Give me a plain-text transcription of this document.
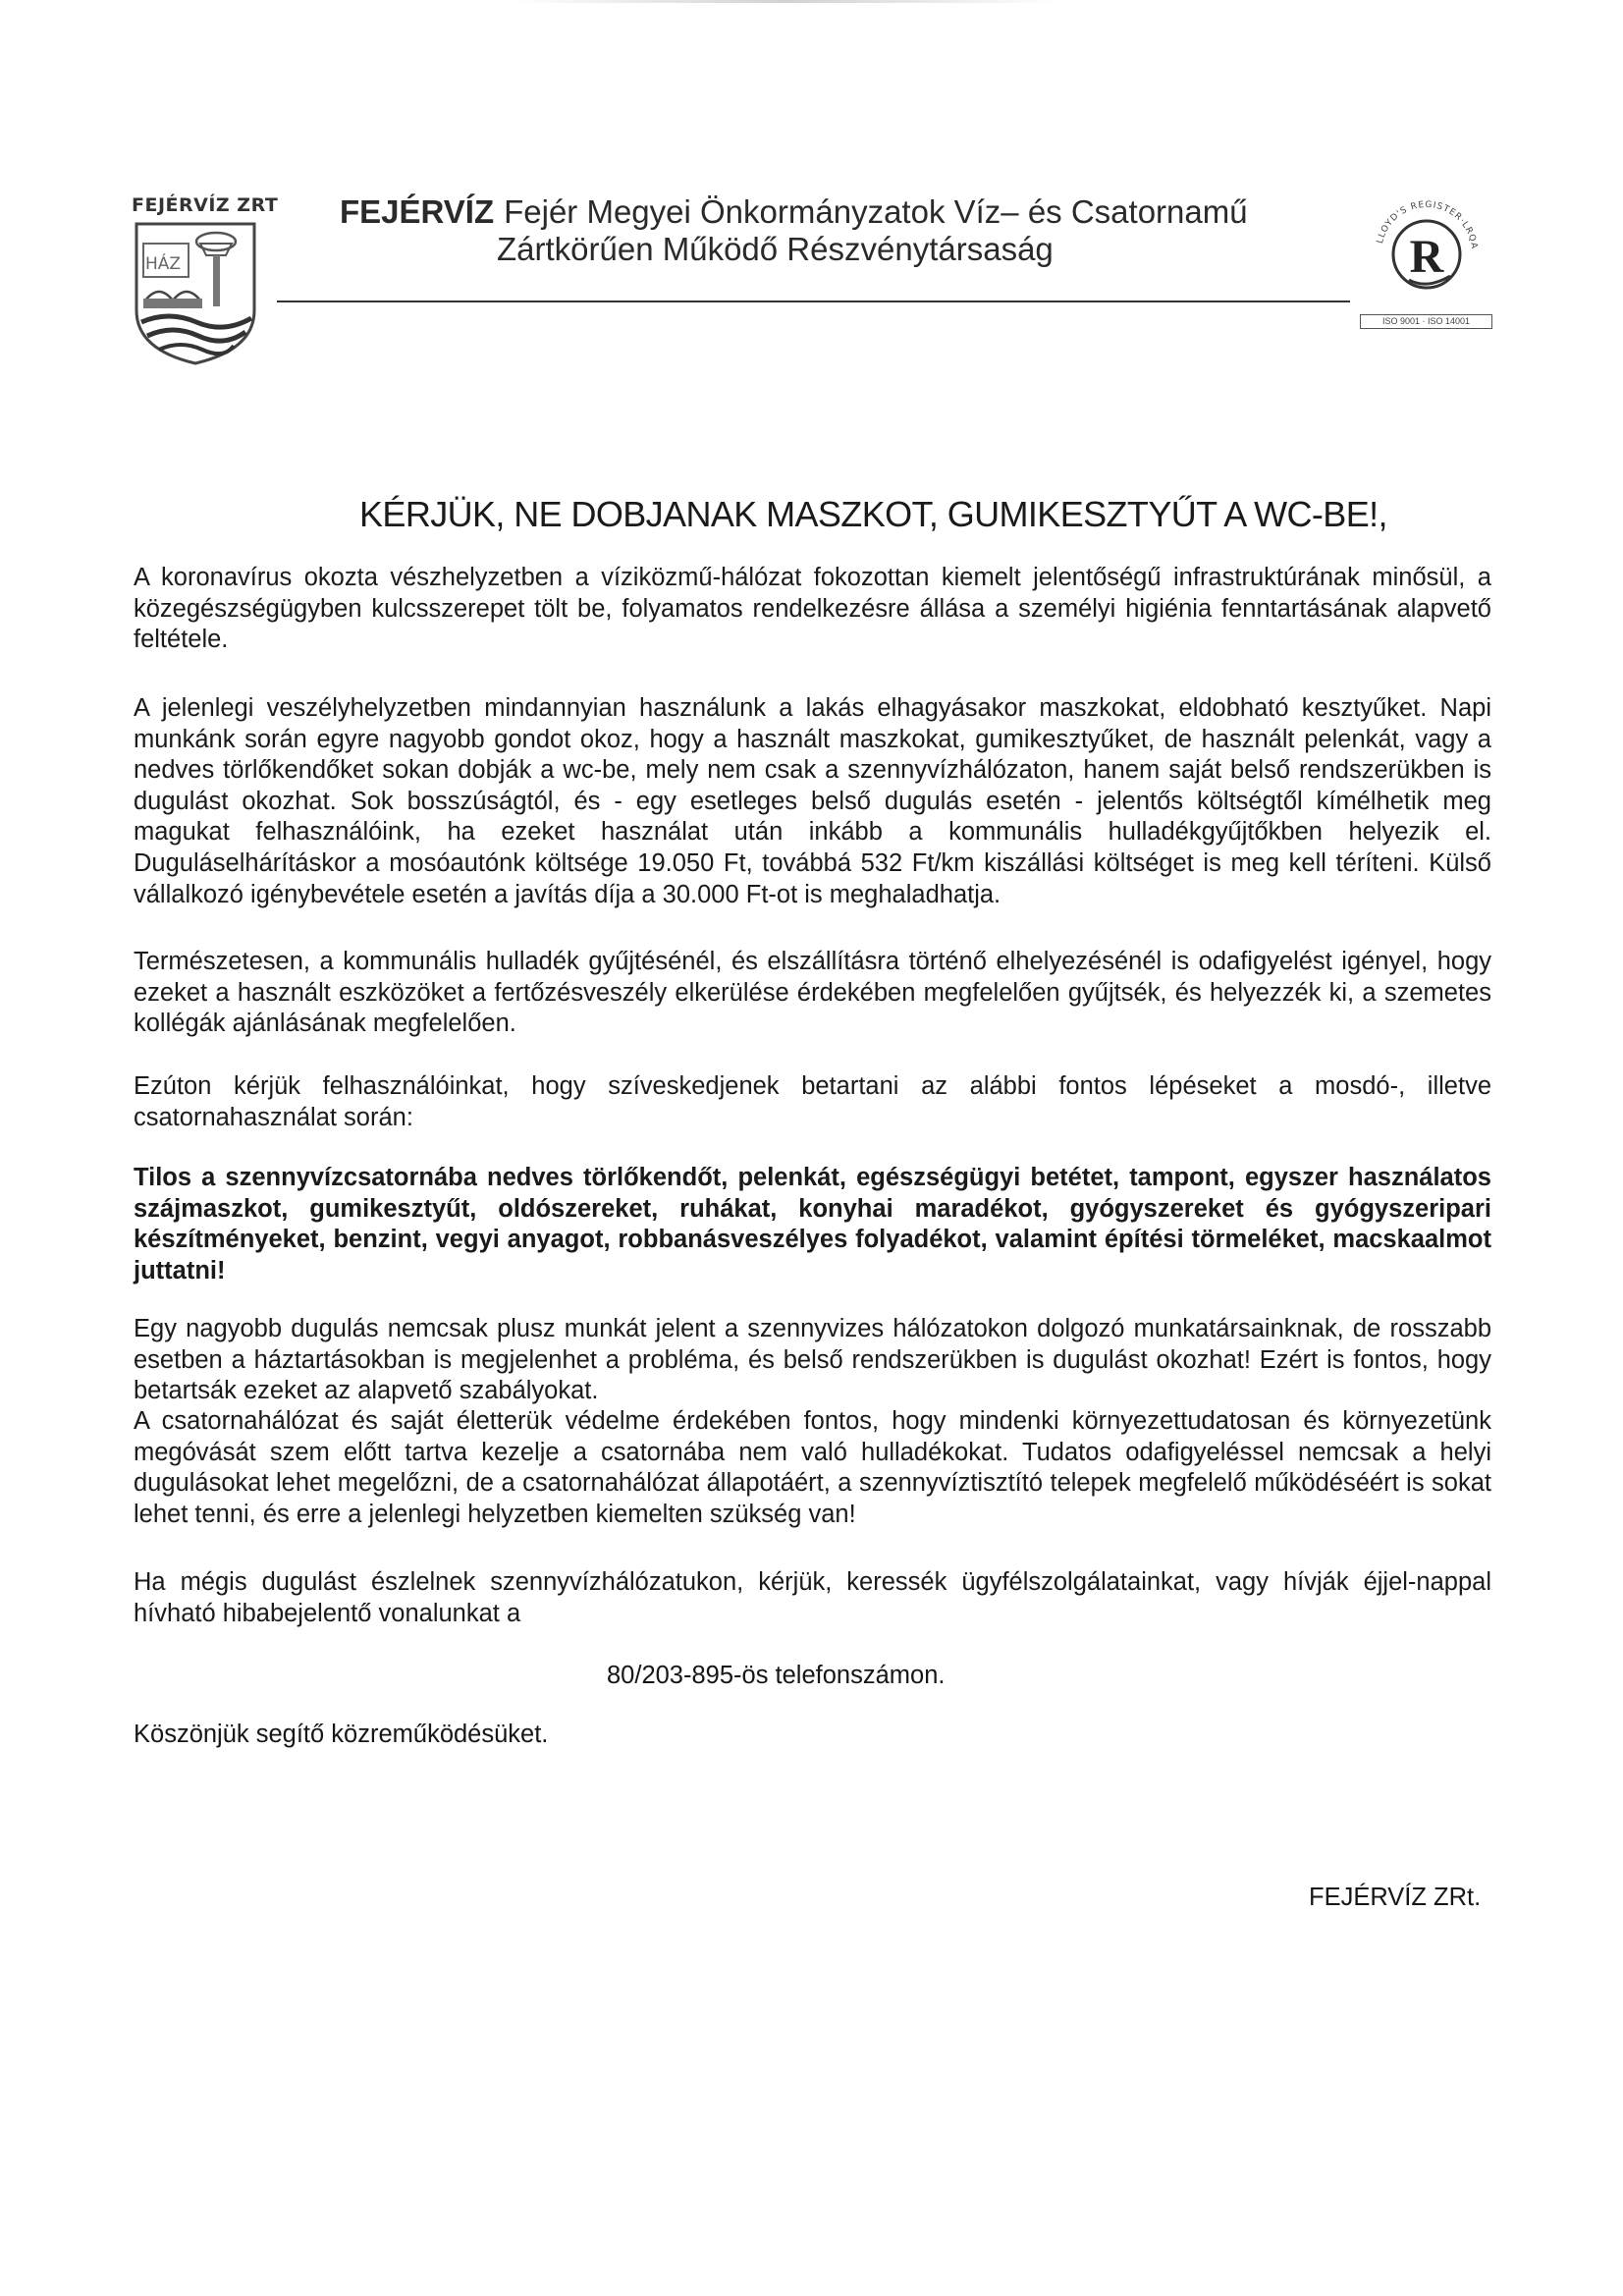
FEJÉRVÍZ ZRT
HÁZ
FEJÉRVÍZ Fejér Megyei Önkormányzatok Víz– és Csatornamű
Zártkörűen Működő Részvénytársaság	LLOYD'S REGISTER·LRQA
R
ISO 9001 · ISO 14001
KÉRJÜK, NE DOBJANAK MASZKOT, GUMIKESZTYŰT A WC-BE!,
A koronavírus okozta vészhelyzetben a víziközmű-hálózat fokozottan kiemelt jelentőségű infrastruktúrának minősül, a közegészségügyben kulcsszerepet tölt be, folyamatos rendelkezésre állása a személyi higiénia fenntartásának alapvető feltétele.
A jelenlegi veszélyhelyzetben mindannyian használunk a lakás elhagyásakor maszkokat, eldobható kesztyűket. Napi munkánk során egyre nagyobb gondot okoz, hogy a használt maszkokat, gumikesztyűket, de használt pelenkát, vagy a nedves törlőkendőket sokan dobják a wc-be, mely nem csak a szennyvízhálózaton, hanem saját belső rendszerükben is dugulást okozhat. Sok bosszúságtól, és - egy esetleges belső dugulás esetén - jelentős költségtől kímélhetik meg magukat felhasználóink, ha ezeket használat után inkább a kommunális hulladékgyűjtőkben helyezik el. Duguláselhárításkor a mosóautónk költsége 19.050 Ft, továbbá 532 Ft/km kiszállási költséget is meg kell téríteni. Külső vállalkozó igénybevétele esetén a javítás díja a 30.000 Ft-ot is meghaladhatja.
Természetesen, a kommunális hulladék gyűjtésénél, és elszállításra történő elhelyezésénél is odafigyelést igényel, hogy ezeket a használt eszközöket a fertőzésveszély elkerülése érdekében megfelelően gyűjtsék, és helyezzék ki, a szemetes kollégák ajánlásának megfelelően.
Ezúton kérjük felhasználóinkat, hogy szíveskedjenek betartani az alábbi fontos lépéseket a mosdó-, illetve csatornahasználat során:
Tilos a szennyvízcsatornába nedves törlőkendőt, pelenkát, egészségügyi betétet, tampont, egyszer használatos szájmaszkot, gumikesztyűt, oldószereket, ruhákat, konyhai maradékot, gyógyszereket és gyógyszeripari készítményeket, benzint, vegyi anyagot, robbanásveszélyes folyadékot, valamint építési törmeléket, macskaalmot juttatni!
Egy nagyobb dugulás nemcsak plusz munkát jelent a szennyvizes hálózatokon dolgozó munkatársainknak, de rosszabb esetben a háztartásokban is megjelenhet a probléma, és belső rendszerükben is dugulást okozhat! Ezért is fontos, hogy betartsák ezeket az alapvető szabályokat.
A csatornahálózat és saját életterük védelme érdekében fontos, hogy mindenki környezettudatosan és környezetünk megóvását szem előtt tartva kezelje a csatornába nem való hulladékokat. Tudatos odafigyeléssel nemcsak a helyi dugulásokat lehet megelőzni, de a csatornahálózat állapotáért, a szennyvíztisztító telepek megfelelő működéséért is sokat lehet tenni, és erre a jelenlegi helyzetben kiemelten szükség van!
Ha mégis dugulást észlelnek szennyvízhálózatukon, kérjük, keressék ügyfélszolgálatainkat, vagy hívják éjjel-nappal hívható hibabejelentő vonalunkat a
80/203-895-ös telefonszámon.
Köszönjük segítő közreműködésüket.
FEJÉRVÍZ ZRt.
